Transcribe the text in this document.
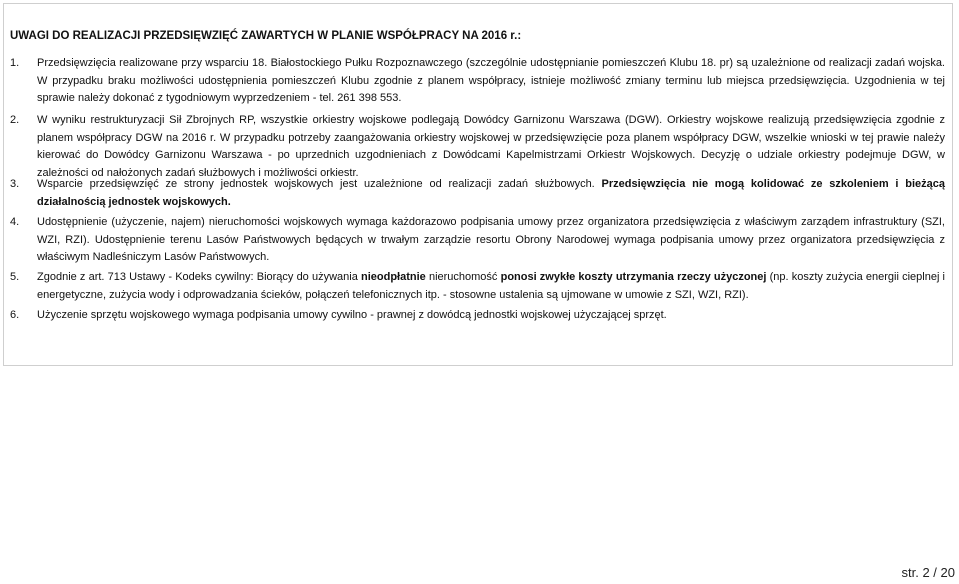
UWAGI DO REALIZACJI PRZEDSIĘWZIĘĆ ZAWARTYCH W PLANIE WSPÓŁPRACY NA 2016 r.:
1.	Przedsięwzięcia realizowane przy wsparciu 18. Białostockiego Pułku Rozpoznawczego (szczególnie udostępnianie pomieszczeń Klubu 18. pr) są uzależnione od realizacji zadań wojska. W przypadku braku możliwości udostępnienia pomieszczeń Klubu zgodnie z planem współpracy, istnieje możliwość zmiany terminu lub miejsca przedsięwzięcia. Uzgodnienia w tej sprawie należy dokonać z tygodniowym wyprzedzeniem - tel. 261 398 553.
2.	W wyniku restrukturyzacji Sił Zbrojnych RP, wszystkie orkiestry wojskowe podlegają Dowódcy Garnizonu Warszawa (DGW). Orkiestry wojskowe realizują przedsięwzięcia zgodnie z planem współpracy DGW na 2016 r. W przypadku potrzeby zaangażowania orkiestry wojskowej w przedsięwzięcie poza planem współpracy DGW, wszelkie wnioski w tej prawie należy kierować do Dowódcy Garnizonu Warszawa - po uprzednich uzgodnieniach z Dowódcami Kapelmistrzami Orkiestr Wojskowych. Decyzję o udziale orkiestry podejmuje DGW, w zależności od nałożonych zadań służbowych i możliwości orkiestr.
3.	Wsparcie przedsięwzięć ze strony jednostek wojskowych jest uzależnione od realizacji zadań służbowych. Przedsięwzięcia nie mogą kolidować ze szkoleniem i bieżącą działalnością jednostek wojskowych.
4.	Udostępnienie (użyczenie, najem) nieruchomości wojskowych wymaga każdorazowo podpisania umowy przez organizatora przedsięwzięcia z właściwym zarządem infrastruktury (SZI, WZI, RZI). Udostępnienie terenu Lasów Państwowych będących w trwałym zarządzie resortu Obrony Narodowej wymaga podpisania umowy przez organizatora przedsięwzięcia z właściwym Nadleśniczym Lasów Państwowych.
5.	Zgodnie z art. 713 Ustawy - Kodeks cywilny: Biorący do używania nieodpłatnie nieruchomość ponosi zwykłe koszty utrzymania rzeczy użyczonej (np. koszty zużycia energii cieplnej i energetyczne, zużycia wody i odprowadzania ścieków, połączeń telefonicznych itp. - stosowne ustalenia są ujmowane w umowie z SZI, WZI, RZI).
6.	Użyczenie sprzętu wojskowego wymaga podpisania umowy cywilno - prawnej z dowódcą jednostki wojskowej użyczającej sprzęt.
str. 2 / 20
